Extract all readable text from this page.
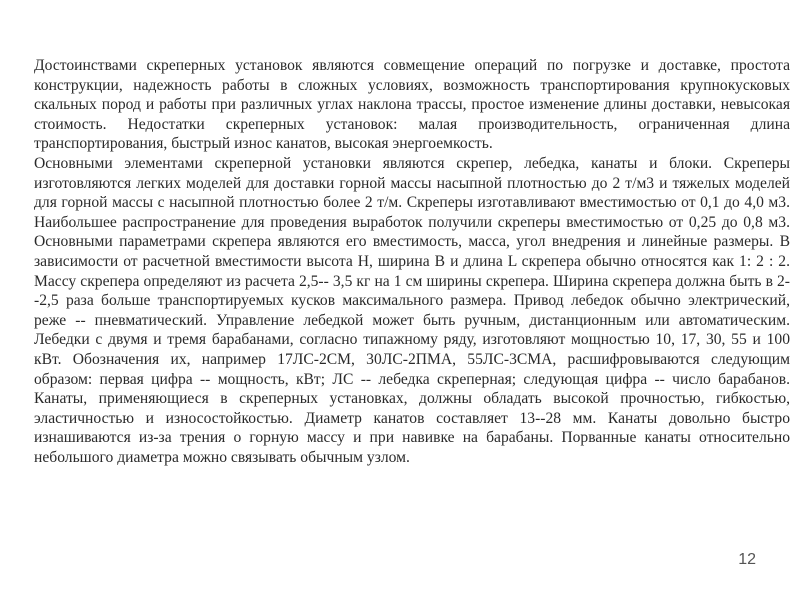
Достоинствами скреперных установок являются совмещение операций по погрузке и доставке, простота конструкции, надежность работы в сложных условиях, возможность транспортирования крупнокусковых скальных пород и работы при различных углах наклона трассы, простое изменение длины доставки, невысокая стоимость. Недостатки скреперных установок: малая производительность, ограниченная длина транспортирования, быстрый износ канатов, высокая энергоемкость.

Основными элементами скреперной установки являются скрепер, лебедка, канаты и блоки. Скреперы изготовляются легких моделей для доставки горной массы насыпной плотностью до 2 т/м3 и тяжелых моделей для горной массы с насыпной плотностью более 2 т/м. Скреперы изготавливают вместимостью от 0,1 до 4,0 м3. Наибольшее распространение для проведения выработок получили скреперы вместимостью от 0,25 до 0,8 м3. Основными параметрами скрепера являются его вместимость, масса, угол внедрения и линейные размеры. В зависимости от расчетной вместимости высота Н, ширина В и длина L скрепера обычно относятся как 1: 2 : 2. Массу скрепера определяют из расчета 2,5-- 3,5 кг на 1 см ширины скрепера. Ширина скрепера должна быть в 2--2,5 раза больше транспортируемых кусков максимального размера. Привод лебедок обычно электрический, реже -- пневматический. Управление лебедкой может быть ручным, дистанционным или автоматическим. Лебедки с двумя и тремя барабанами, согласно типажному ряду, изготовляют мощностью 10, 17, 30, 55 и 100 кВт. Обозначения их, например 17ЛС-2СМ, 30ЛС-2ПМА, 55ЛС-3СМА, расшифровываются следующим образом: первая цифра -- мощность, кВт; ЛС -- лебедка скреперная; следующая цифра -- число барабанов. Канаты, применяющиеся в скреперных установках, должны обладать высокой прочностью, гибкостью, эластичностью и износостойкостью. Диаметр канатов составляет 13--28 мм. Канаты довольно быстро изнашиваются из-за трения о горную массу и при навивке на барабаны. Порванные канаты относительно небольшого диаметра можно связывать обычным узлом.

12
